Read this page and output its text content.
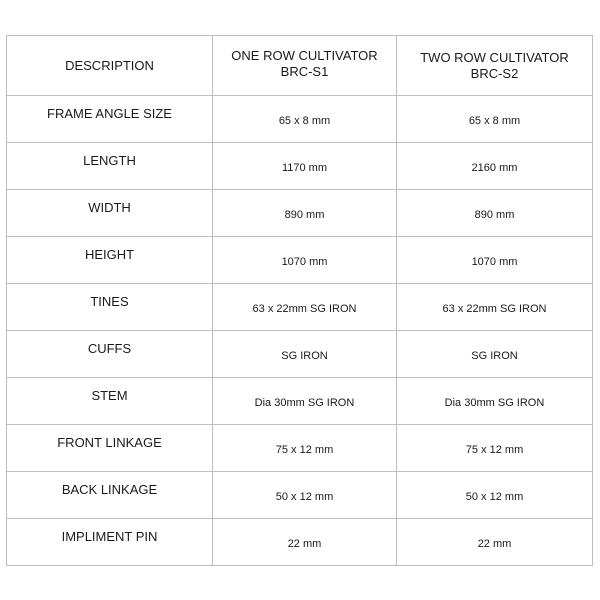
DESCRIPTION	ONE ROW CULTIVATOR BRC-S1	TWO ROW CULTIVATOR BRC-S2
FRAME ANGLE SIZE	65 x 8 mm	65 x 8 mm
LENGTH	1170 mm	2160 mm
WIDTH	890 mm	890 mm
HEIGHT	1070 mm	1070 mm
TINES	63 x 22mm SG IRON	63 x 22mm SG IRON
CUFFS	SG IRON	SG IRON
STEM	Dia 30mm SG IRON	Dia 30mm SG IRON
FRONT LINKAGE	75 x 12 mm	75 x 12 mm
BACK LINKAGE	50 x 12 mm	50 x 12 mm
IMPLIMENT PIN	22 mm	22 mm
